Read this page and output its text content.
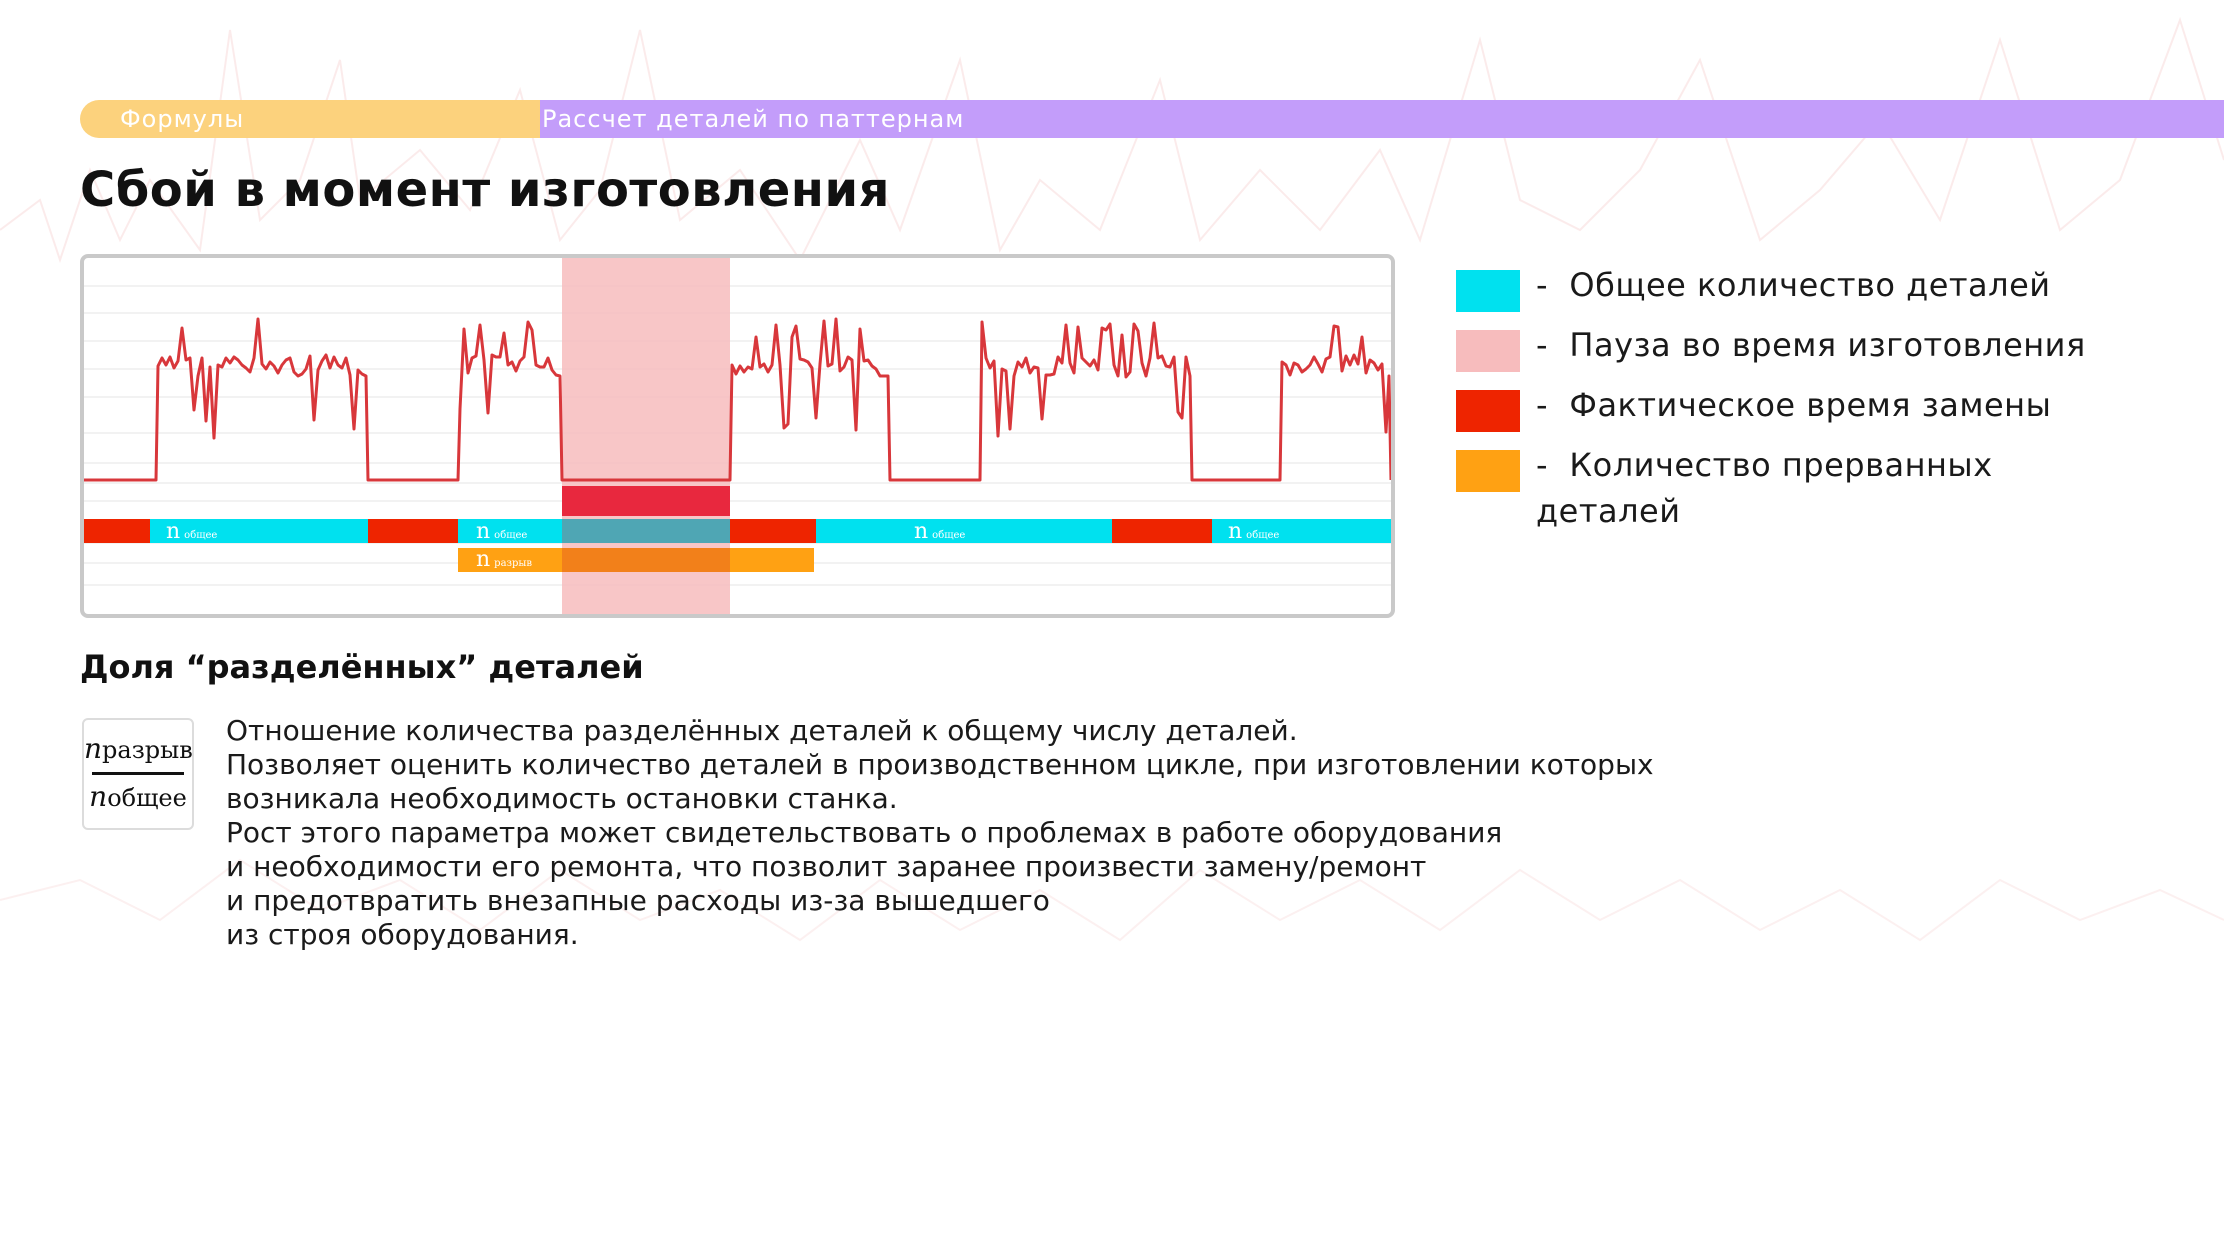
Рассчет деталей по паттернам
Формулы
Сбой в момент изготовления
nобщее	nобщее	nобщее	nобщее
nразрыв
- Общее количество деталей
- Пауза во время изготовления
- Фактическое время замены
- Количество прерванных деталей
Доля “разделённых” деталей
nразрыв
nобщее
Отношение количества разделённых деталей к общему числу деталей.
Позволяет оценить количество деталей в производственном цикле, при изготовлении которых
возникала необходимость остановки станка.
Рост этого параметра может свидетельствовать о проблемах в работе оборудования
и необходимости его ремонта, что позволит заранее произвести замену/ремонт
и предотвратить внезапные расходы из-за вышедшего
из строя оборудования.
